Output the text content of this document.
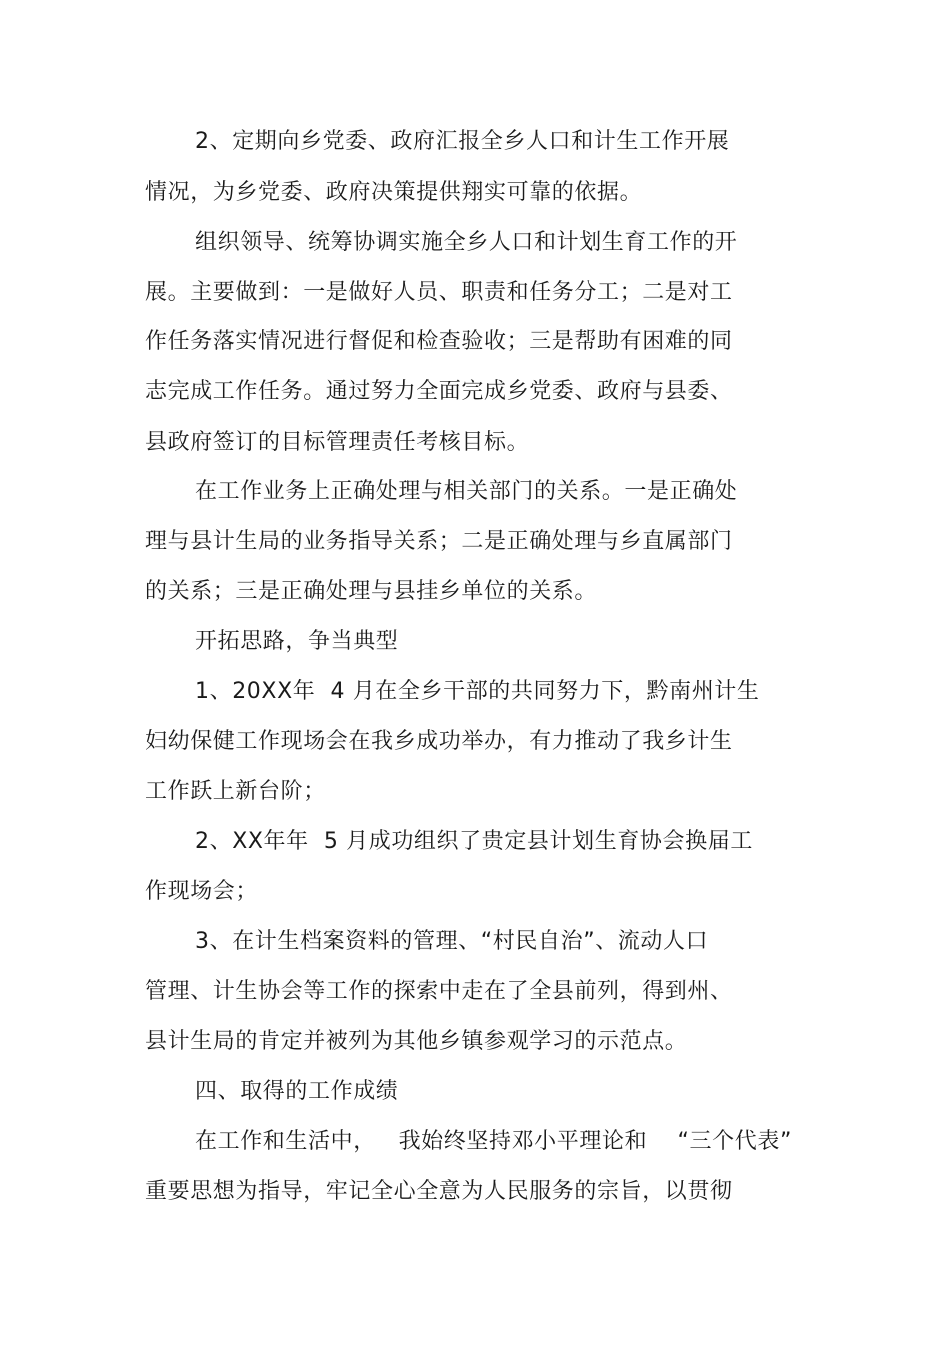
2、定期向乡党委、政府汇报全乡人口和计生工作开展
情况，为乡党委、政府决策提供翔实可靠的依据。
组织领导、统筹协调实施全乡人口和计划生育工作的开
展。主要做到：一是做好人员、职责和任务分工；二是对工
作任务落实情况进行督促和检查验收；三是帮助有困难的同
志完成工作任务。通过努力全面完成乡党委、政府与县委、
县政府签订的目标管理责任考核目标。
在工作业务上正确处理与相关部门的关系。一是正确处
理与县计生局的业务指导关系；二是正确处理与乡直属部门
的关系；三是正确处理与县挂乡单位的关系。
开拓思路，争当典型
1、20XX年  4 月在全乡干部的共同努力下，黔南州计生
妇幼保健工作现场会在我乡成功举办，有力推动了我乡计生
工作跃上新台阶；
2、XX年年  5 月成功组织了贵定县计划生育协会换届工
作现场会；
3、在计生档案资料的管理、“村民自治”、流动人口
管理、计生协会等工作的探索中走在了全县前列，得到州、
县计生局的肯定并被列为其他乡镇参观学习的示范点。
四、取得的工作成绩
在工作和生活中，   我始终坚持邓小平理论和    “三个代表”
重要思想为指导，牢记全心全意为人民服务的宗旨，以贯彻
